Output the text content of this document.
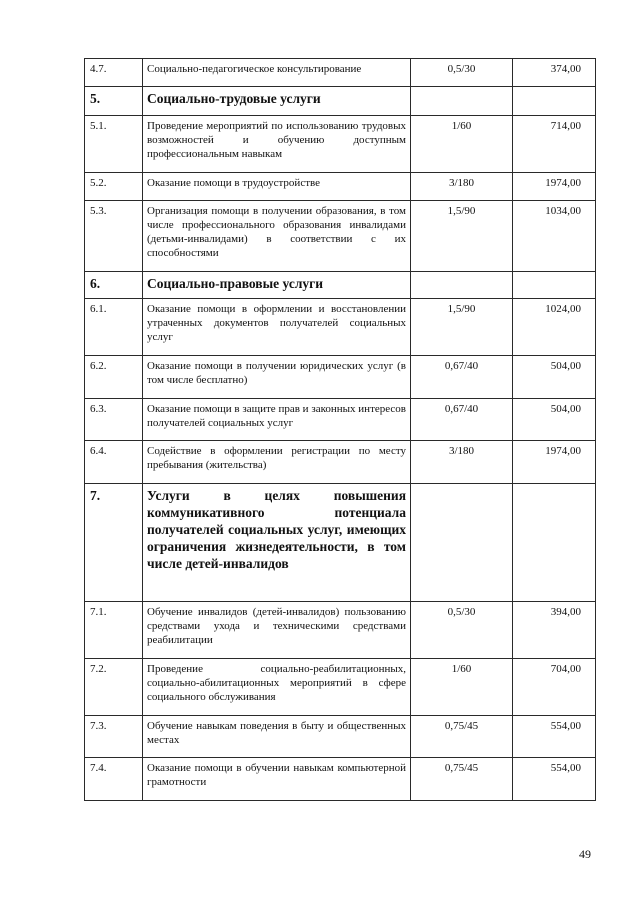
4.7.	Социально-педагогическое консультирование	0,5/30	374,00
5.	Социально-трудовые услуги		
5.1.	Проведение мероприятий по использованию трудовых возможностей и обучению доступным профессиональным навыкам	1/60	714,00
5.2.	Оказание помощи в трудоустройстве	3/180	1974,00
5.3.	Организация помощи в получении образования, в том числе профессионального образования инвалидами (детьми-инвалидами) в соответствии с их способностями	1,5/90	1034,00
6.	Социально-правовые услуги		
6.1.	Оказание помощи в оформлении и восстановлении утраченных документов получателей социальных услуг	1,5/90	1024,00
6.2.	Оказание помощи в получении юридических услуг (в том числе бесплатно)	0,67/40	504,00
6.3.	Оказание помощи в защите прав и законных интересов получателей социальных услуг	0,67/40	504,00
6.4.	Содействие в оформлении регистрации по месту пребывания (жительства)	3/180	1974,00
7.	Услуги в целях повышения коммуникативного потенциала получателей социальных услуг, имеющих ограничения жизнедеятельности, в том числе детей-инвалидов		
7.1.	Обучение инвалидов (детей-инвалидов) пользованию средствами ухода и техническими средствами реабилитации	0,5/30	394,00
7.2.	Проведение социально-реабилитационных, социально-абилитационных мероприятий в сфере социального обслуживания	1/60	704,00
7.3.	Обучение навыкам поведения в быту и общественных местах	0,75/45	554,00
7.4.	Оказание помощи в обучении навыкам компьютерной грамотности	0,75/45	554,00
49
